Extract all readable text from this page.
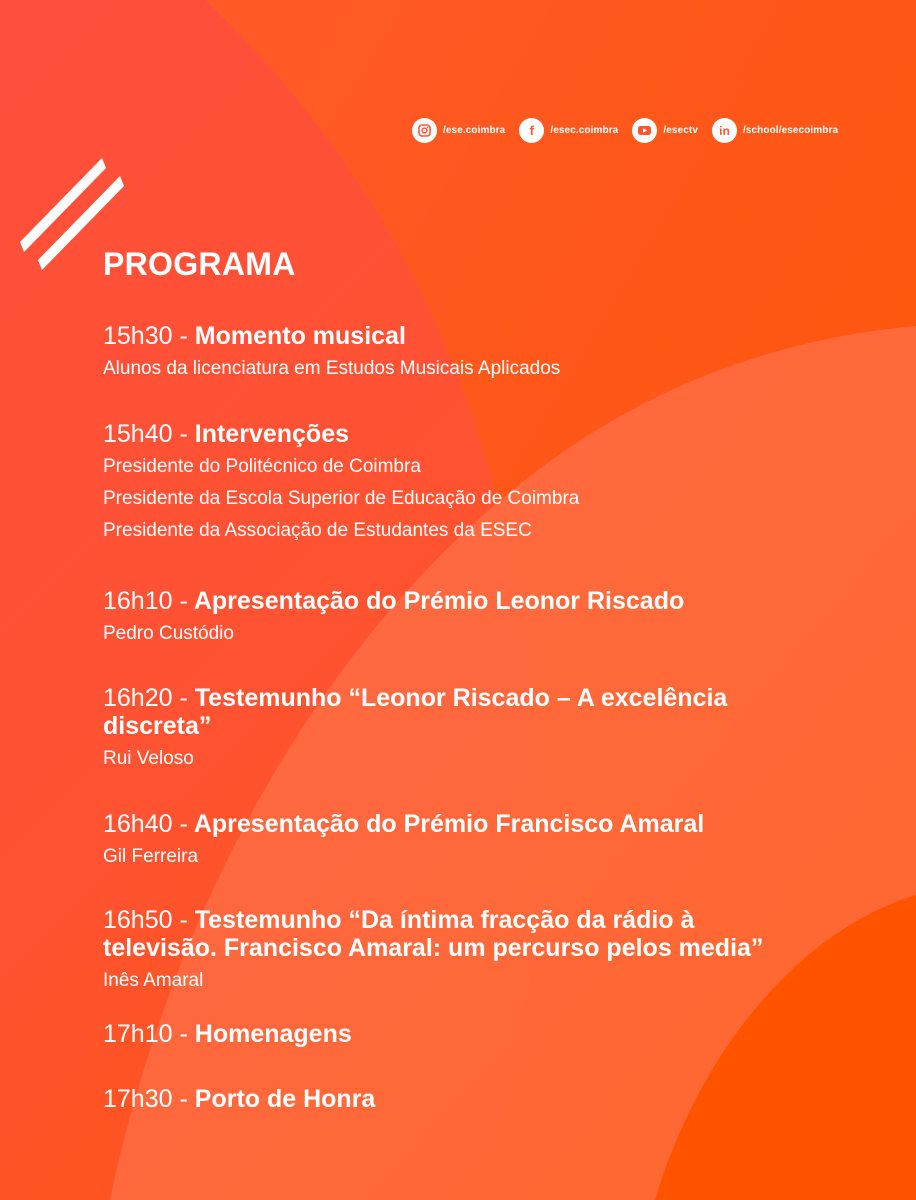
/ese.coimbra	f	/esec.coimbra	/esectv	in	/school/esecoimbra
PROGRAMA
15h30 - Momento musical
Alunos da licenciatura em Estudos Musicais Aplicados
15h40 - Intervenções
Presidente do Politécnico de Coimbra
Presidente da Escola Superior de Educação de Coimbra
Presidente da Associação de Estudantes da ESEC
16h10 - Apresentação do Prémio Leonor Riscado
Pedro Custódio
16h20 - Testemunho “Leonor Riscado – A excelência discreta”
Rui Veloso
16h40 - Apresentação do Prémio Francisco Amaral
Gil Ferreira
16h50 - Testemunho “Da íntima fracção da rádio à televisão. Francisco Amaral: um percurso pelos media”
Inês Amaral
17h10 - Homenagens
17h30 - Porto de Honra
